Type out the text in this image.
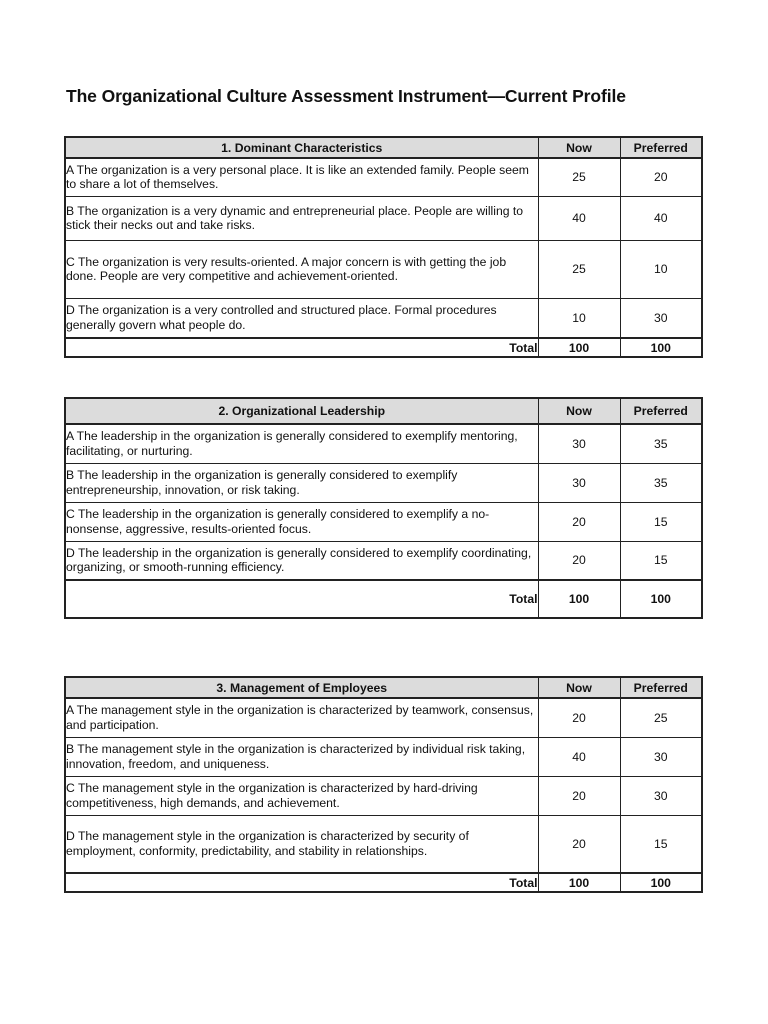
The Organizational Culture Assessment Instrument—Current Profile
1. Dominant Characteristics	Now	Preferred
A The organization is a very personal place. It is like an extended family. People seem to share a lot of themselves.	25	20
B The organization is a very dynamic and entrepreneurial place. People are willing to stick their necks out and take risks.	40	40
C The organization is very results-oriented. A major concern is with getting the job done. People are very competitive and achievement-oriented.	25	10
D The organization is a very controlled and structured place. Formal procedures generally govern what people do.	10	30
Total	100	100
2. Organizational Leadership	Now	Preferred
A The leadership in the organization is generally considered to exemplify mentoring, facilitating, or nurturing.	30	35
B The leadership in the organization is generally considered to exemplify entrepreneurship, innovation, or risk taking.	30	35
C The leadership in the organization is generally considered to exemplify a no-nonsense, aggressive, results-oriented focus.	20	15
D The leadership in the organization is generally considered to exemplify coordinating, organizing, or smooth-running efficiency.	20	15
Total	100	100
3. Management of Employees	Now	Preferred
A The management style in the organization is characterized by teamwork, consensus, and participation.	20	25
B The management style in the organization is characterized by individual risk taking, innovation, freedom, and uniqueness.	40	30
C The management style in the organization is characterized by hard-driving competitiveness, high demands, and achievement.	20	30
D The management style in the organization is characterized by security of employment, conformity, predictability, and stability in relationships.	20	15
Total	100	100
